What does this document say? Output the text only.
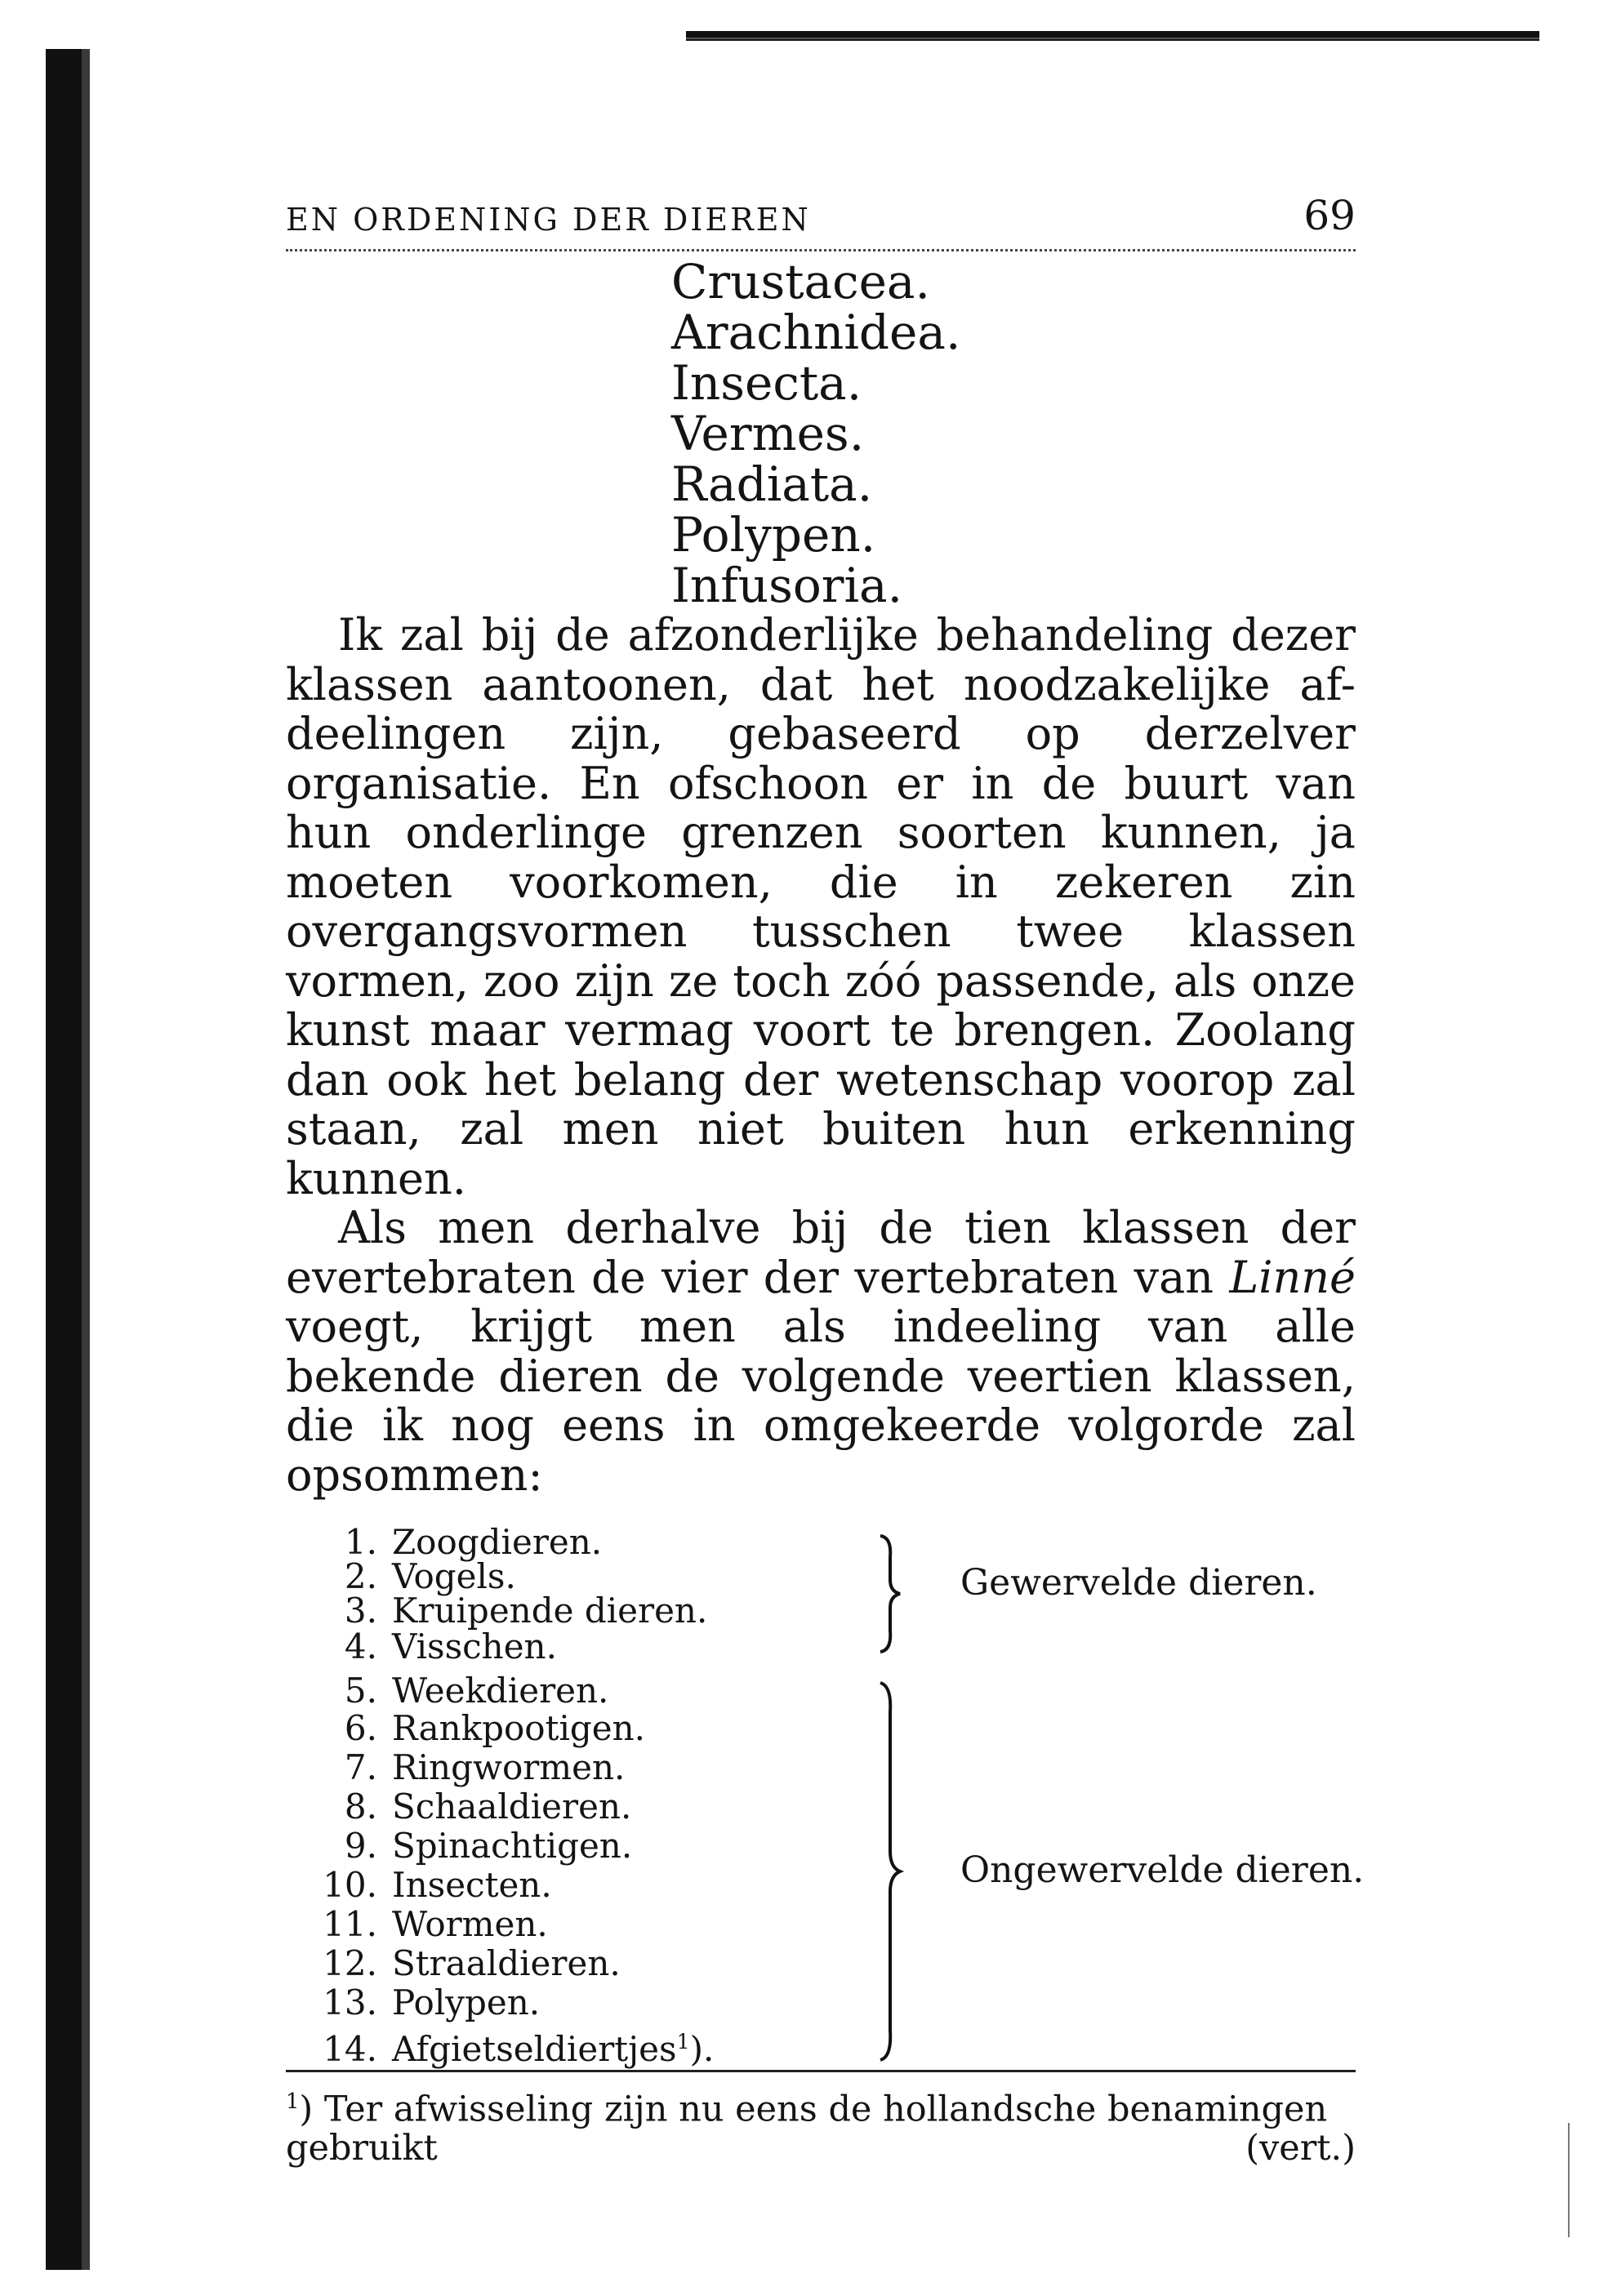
EN ORDENING DER DIEREN	69
Crustacea.
Arachnidea.
Insecta.
Vermes.
Radiata.
Polypen.
Infusoria.

Ik zal bij de afzonderlijke behandeling dezer klassen aantoonen, dat het noodzakelijke af-deelingen zijn, gebaseerd op derzelver organisatie. En ofschoon er in de buurt van hun onderlinge grenzen soorten kunnen, ja moeten voorkomen, die in zekeren zin overgangsvormen tusschen twee klassen vormen, zoo zijn ze toch zóó passende, als onze kunst maar vermag voort te brengen. Zoolang dan ook het belang der wetenschap voorop zal staan, zal men niet buiten hun erkenning kunnen.

Als men derhalve bij de tien klassen der evertebraten de vier der vertebraten van Linné voegt, krijgt men als indeeling van alle bekende dieren de volgende veertien klassen, die ik nog eens in omgekeerde volgorde zal opsommen:

1. Zoogdieren.
2. Vogels.
3. Kruipende dieren.
4. Visschen.
5. Weekdieren.
6. Rankpootigen.
7. Ringwormen.
8. Schaaldieren.
9. Spinachtigen.
10. Insecten.
11. Wormen.
12. Straaldieren.
13. Polypen.
14. Afgietseldiertjes$^1$).
Gewervelde dieren.
Ongewervelde dieren.
$^1$) Ter afwisseling zijn nu eens de hollandsche benamingen
gebruikt	(vert.)
